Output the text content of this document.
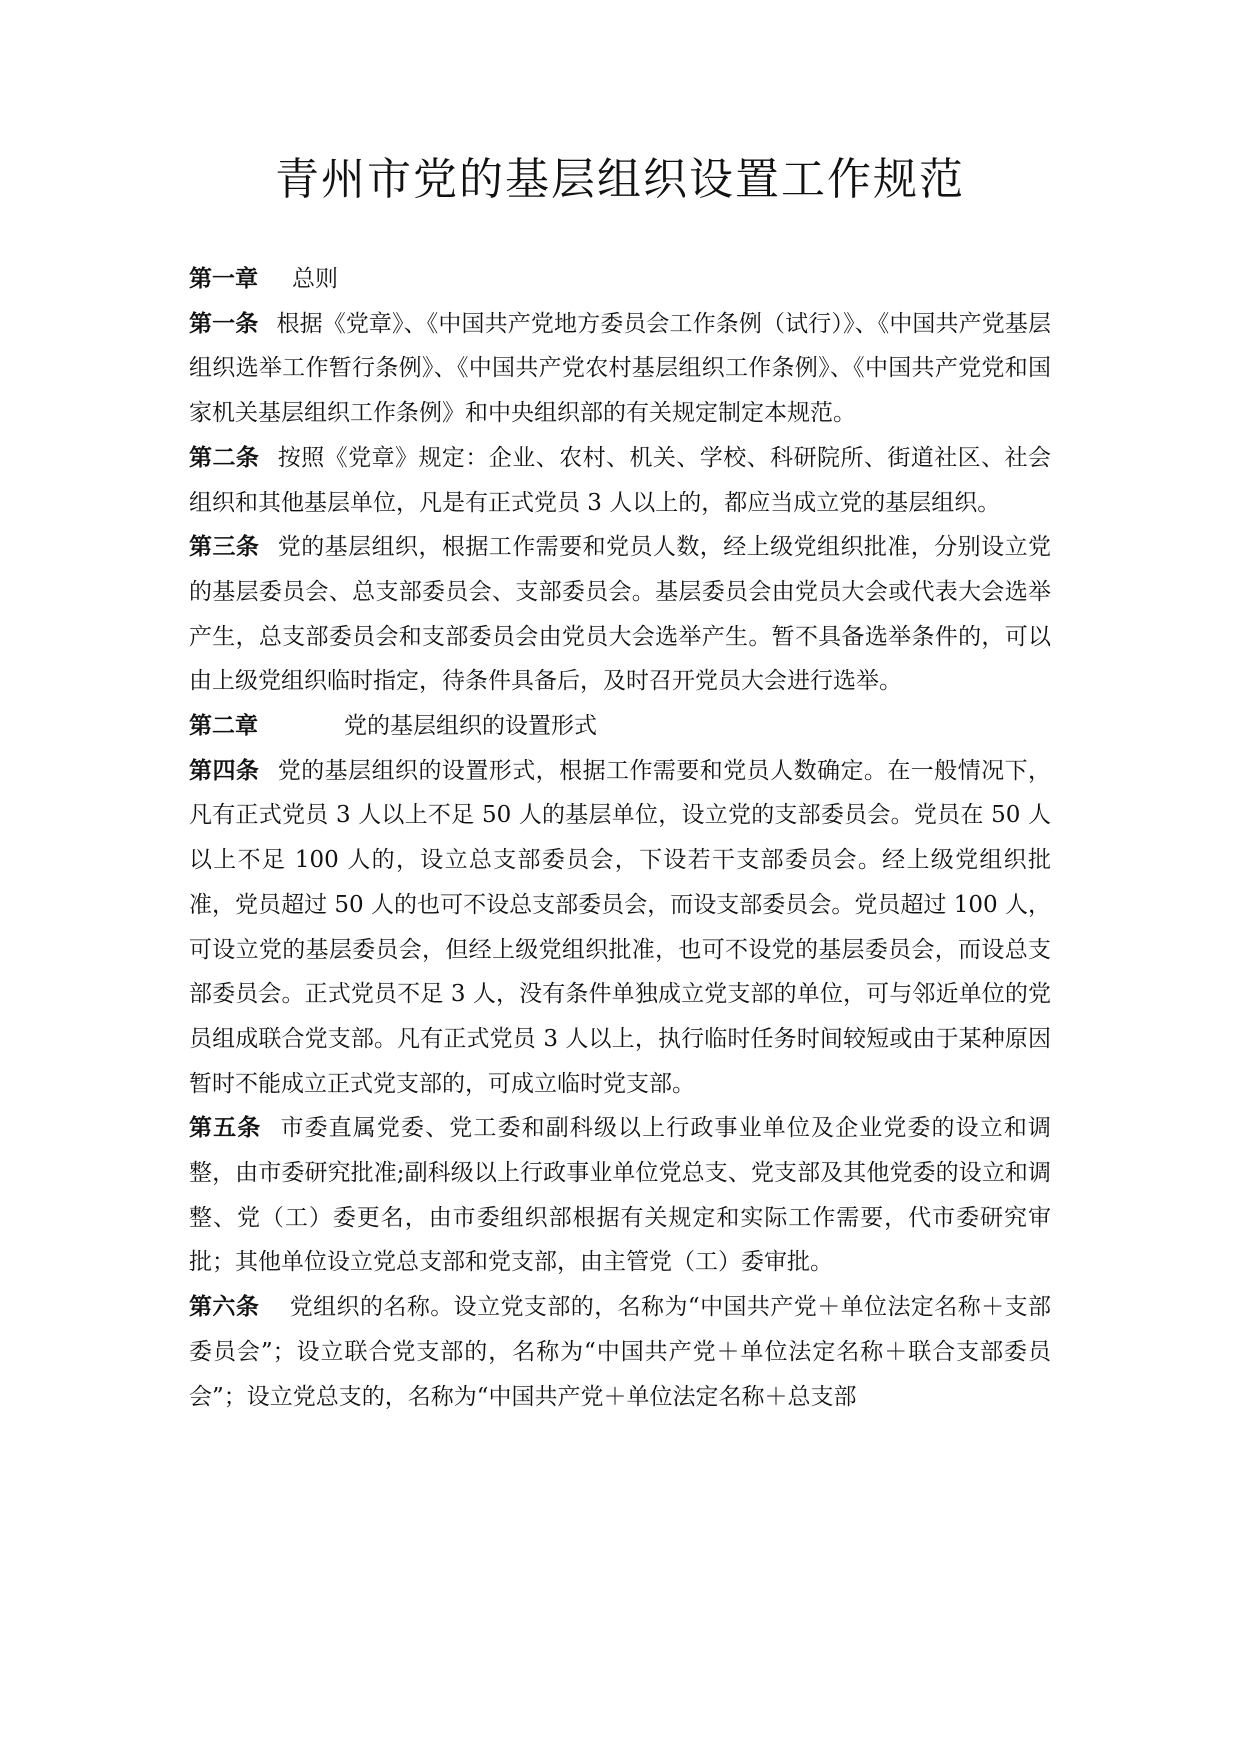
青州市党的基层组织设置工作规范

第一章 总则

第一条 根据《党章》、《中国共产党地方委员会工作条例（试行）》、《中国共产党基层组织选举工作暂行条例》、《中国共产党农村基层组织工作条例》、《中国共产党党和国家机关基层组织工作条例》和中央组织部的有关规定制定本规范。

第二条 按照《党章》规定：企业、农村、机关、学校、科研院所、街道社区、社会组织和其他基层单位，凡是有正式党员 3 人以上的，都应当成立党的基层组织。

第三条 党的基层组织，根据工作需要和党员人数，经上级党组织批准，分别设立党的基层委员会、总支部委员会、支部委员会。基层委员会由党员大会或代表大会选举产生，总支部委员会和支部委员会由党员大会选举产生。暂不具备选举条件的，可以由上级党组织临时指定，待条件具备后，及时召开党员大会进行选举。

第二章	党的基层组织的设置形式

第四条 党的基层组织的设置形式，根据工作需要和党员人数确定。在一般情况下，凡有正式党员 3 人以上不足 50 人的基层单位，设立党的支部委员会。党员在 50 人以上不足 100 人的，设立总支部委员会，下设若干支部委员会。经上级党组织批准，党员超过 50 人的也可不设总支部委员会，而设支部委员会。党员超过 100 人，可设立党的基层委员会，但经上级党组织批准，也可不设党的基层委员会，而设总支部委员会。正式党员不足 3 人，没有条件单独成立党支部的单位，可与邻近单位的党员组成联合党支部。凡有正式党员 3 人以上，执行临时任务时间较短或由于某种原因暂时不能成立正式党支部的，可成立临时党支部。

第五条 市委直属党委、党工委和副科级以上行政事业单位及企业党委的设立和调整，由市委研究批准;副科级以上行政事业单位党总支、党支部及其他党委的设立和调整、党（工）委更名，由市委组织部根据有关规定和实际工作需要，代市委研究审批；其他单位设立党总支部和党支部，由主管党（工）委审批。

第六条 党组织的名称。设立党支部的，名称为“中国共产党＋单位法定名称＋支部委员会”；设立联合党支部的，名称为“中国共产党＋单位法定名称＋联合支部委员会”；设立党总支的，名称为“中国共产党＋单位法定名称＋总支部
